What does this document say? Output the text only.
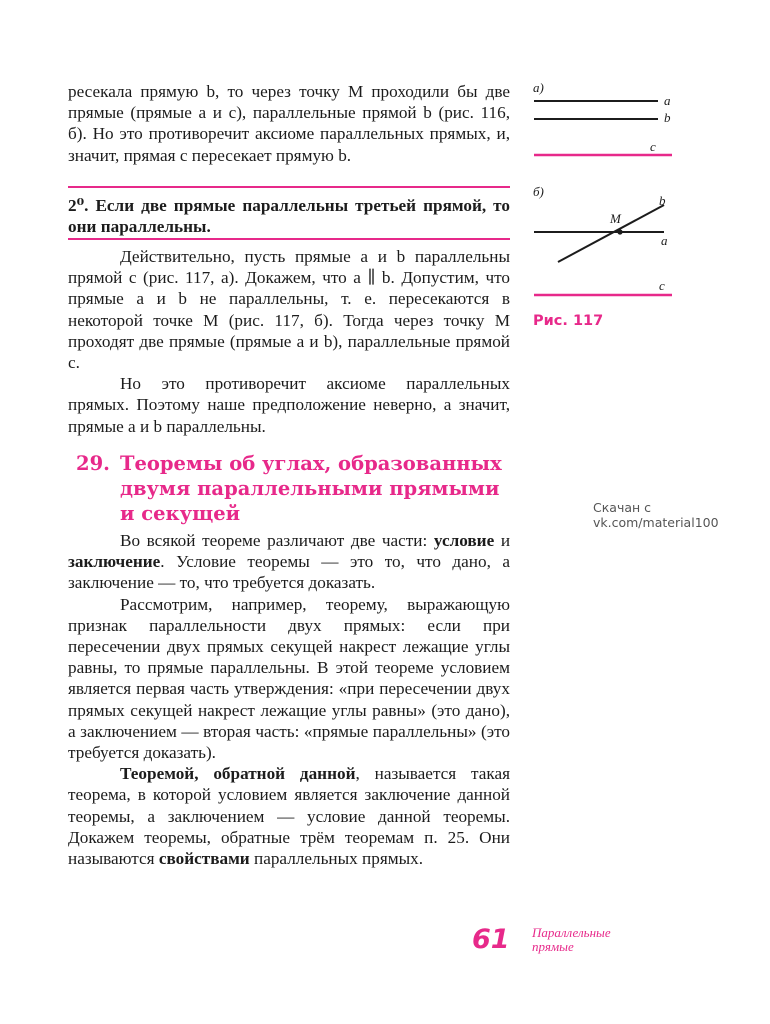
ресекала прямую b, то через точку M проходили бы две прямые (прямые a и c), параллельные прямой b (рис. 116, б). Но это противоречит аксиоме параллельных прямых, и, значит, прямая c пересекает прямую b.

2⁰. Если две прямые параллельны третьей прямой, то они параллельны.

Действительно, пусть прямые a и b параллельны прямой c (рис. 117, а). Докажем, что a ∥ b. Допустим, что прямые a и b не параллельны, т. е. пересекаются в некоторой точке M (рис. 117, б). Тогда через точку M проходят две прямые (прямые a и b), параллельные прямой c.

Но это противоречит аксиоме параллельных прямых. Поэтому наше предположение неверно, а значит, прямые a и b параллельны.

29. Теоремы об углах, образованных двумя параллельными прямыми и секущей	Скачан с vk.com/material100

Во всякой теореме различают две части: условие и заключение. Условие теоремы — это то, что дано, а заключение — то, что требуется доказать.

Рассмотрим, например, теорему, выражающую признак параллельности двух прямых: если при пересечении двух прямых секущей накрест лежащие углы равны, то прямые параллельны. В этой теореме условием является первая часть утверждения: «при пересечении двух прямых секущей накрест лежащие углы равны» (это дано), а заключением — вторая часть: «прямые параллельны» (это требуется доказать).

Теоремой, обратной данной, называется такая теорема, в которой условием является заключение данной теоремы, а заключением — условие данной теоремы. Докажем теоремы, обратные трём теоремам п. 25. Они называются свойствами параллельных прямых.

а)
a
b
c
б)
b
M
a
c
Рис. 117
61 Параллельные прямые
